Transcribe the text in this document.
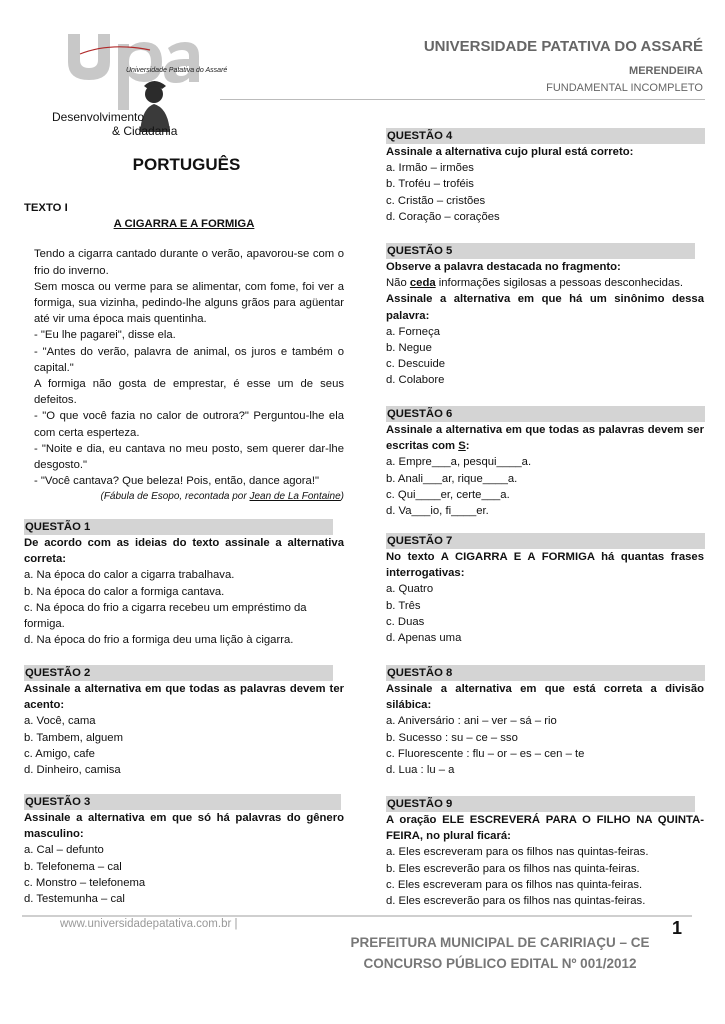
Universidade Patativa do Assaré
Desenvolvimento
& Cidadania
UNIVERSIDADE PATATIVA DO ASSARÉ
MERENDEIRA
FUNDAMENTAL INCOMPLETO
PORTUGUÊS
TEXTO I
A CIGARRA E A FORMIGA

Tendo a cigarra cantado durante o verão, apavorou-se com o frio do inverno.

Sem mosca ou verme para se alimentar, com fome, foi ver a formiga, sua vizinha, pedindo-lhe alguns grãos para agüentar até vir uma época mais quentinha.

- "Eu lhe pagarei", disse ela.

- "Antes do verão, palavra de animal, os juros e também o capital."

A formiga não gosta de emprestar, é esse um de seus defeitos.

- "O que você fazia no calor de outrora?" Perguntou-lhe ela com certa esperteza.

- "Noite e dia, eu cantava no meu posto, sem querer dar-lhe desgosto."

- "Você cantava? Que beleza! Pois, então, dance agora!"

(Fábula de Esopo, recontada por Jean de La Fontaine)
QUESTÃO 1
De acordo com as ideias do texto assinale a alternativa correta:
a. Na época do calor a cigarra trabalhava.
b. Na época do calor a formiga cantava.
c. Na época do frio a cigarra recebeu um empréstimo da formiga.
d. Na época do frio a formiga deu uma lição à cigarra.
QUESTÃO 2
Assinale a alternativa em que todas as palavras devem ter acento:
a. Você, cama
b. Tambem, alguem
c. Amigo, cafe
d. Dinheiro, camisa
QUESTÃO 3
Assinale a alternativa em que só há palavras do gênero masculino:
a. Cal – defunto
b. Telefonema – cal
c. Monstro – telefonema
d. Testemunha – cal
QUESTÃO 4
Assinale a alternativa cujo plural está correto:
a. Irmão – irmões
b. Troféu – troféis
c. Cristão – cristões
d. Coração – corações
QUESTÃO 5
Observe a palavra destacada no fragmento:
Não ceda informações sigilosas a pessoas desconhecidas.
Assinale a alternativa em que há um sinônimo dessa palavra:
a. Forneça
b. Negue
c. Descuide
d. Colabore
QUESTÃO 6
Assinale a alternativa em que todas as palavras devem ser escritas com S:
a. Empre___a, pesqui____a.
b. Anali___ar, rique____a.
c. Qui____er, certe___a.
d. Va___io, fi____er.
QUESTÃO 7
No texto A CIGARRA E A FORMIGA há quantas frases interrogativas:
a. Quatro
b. Três
c. Duas
d. Apenas uma
QUESTÃO 8
Assinale a alternativa em que está correta a divisão silábica:
a. Aniversário : ani – ver – sá – rio
b. Sucesso : su – ce – sso
c. Fluorescente : flu – or – es – cen – te
d. Lua : lu – a
QUESTÃO 9
A oração ELE ESCREVERÁ PARA O FILHO NA QUINTA-FEIRA, no plural ficará:
a. Eles escreveram para os filhos nas quintas-feiras.
b. Eles escreverão para os filhos nas quinta-feiras.
c. Eles escreveram para os filhos nas quinta-feiras.
d. Eles escreverão para os filhos nas quintas-feiras.
www.universidadepatativa.com.br |	1
PREFEITURA MUNICIPAL DE CARIRIAÇU – CE
CONCURSO PÚBLICO EDITAL Nº 001/2012
